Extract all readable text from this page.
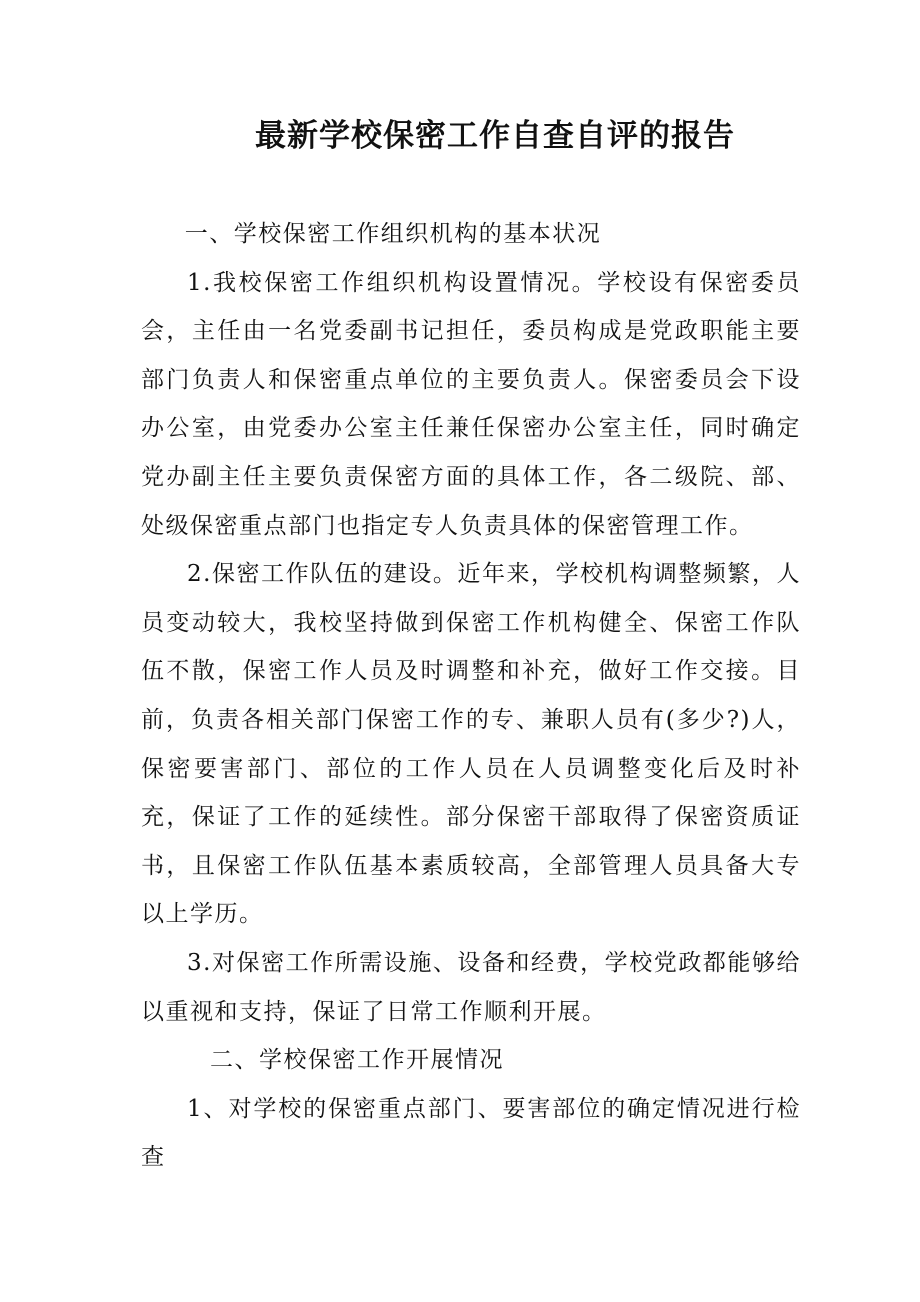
最新学校保密工作自查自评的报告

一、学校保密工作组织机构的基本状况

1.我校保密工作组织机构设置情况。学校设有保密委员会，主任由一名党委副书记担任，委员构成是党政职能主要部门负责人和保密重点单位的主要负责人。保密委员会下设办公室，由党委办公室主任兼任保密办公室主任，同时确定党办副主任主要负责保密方面的具体工作，各二级院、部、处级保密重点部门也指定专人负责具体的保密管理工作。

2.保密工作队伍的建设。近年来，学校机构调整频繁，人员变动较大，我校坚持做到保密工作机构健全、保密工作队伍不散，保密工作人员及时调整和补充，做好工作交接。目前，负责各相关部门保密工作的专、兼职人员有(多少?)人，保密要害部门、部位的工作人员在人员调整变化后及时补充，保证了工作的延续性。部分保密干部取得了保密资质证书，且保密工作队伍基本素质较高，全部管理人员具备大专以上学历。

3.对保密工作所需设施、设备和经费，学校党政都能够给以重视和支持，保证了日常工作顺利开展。

二、学校保密工作开展情况

1、对学校的保密重点部门、要害部位的确定情况进行检查
